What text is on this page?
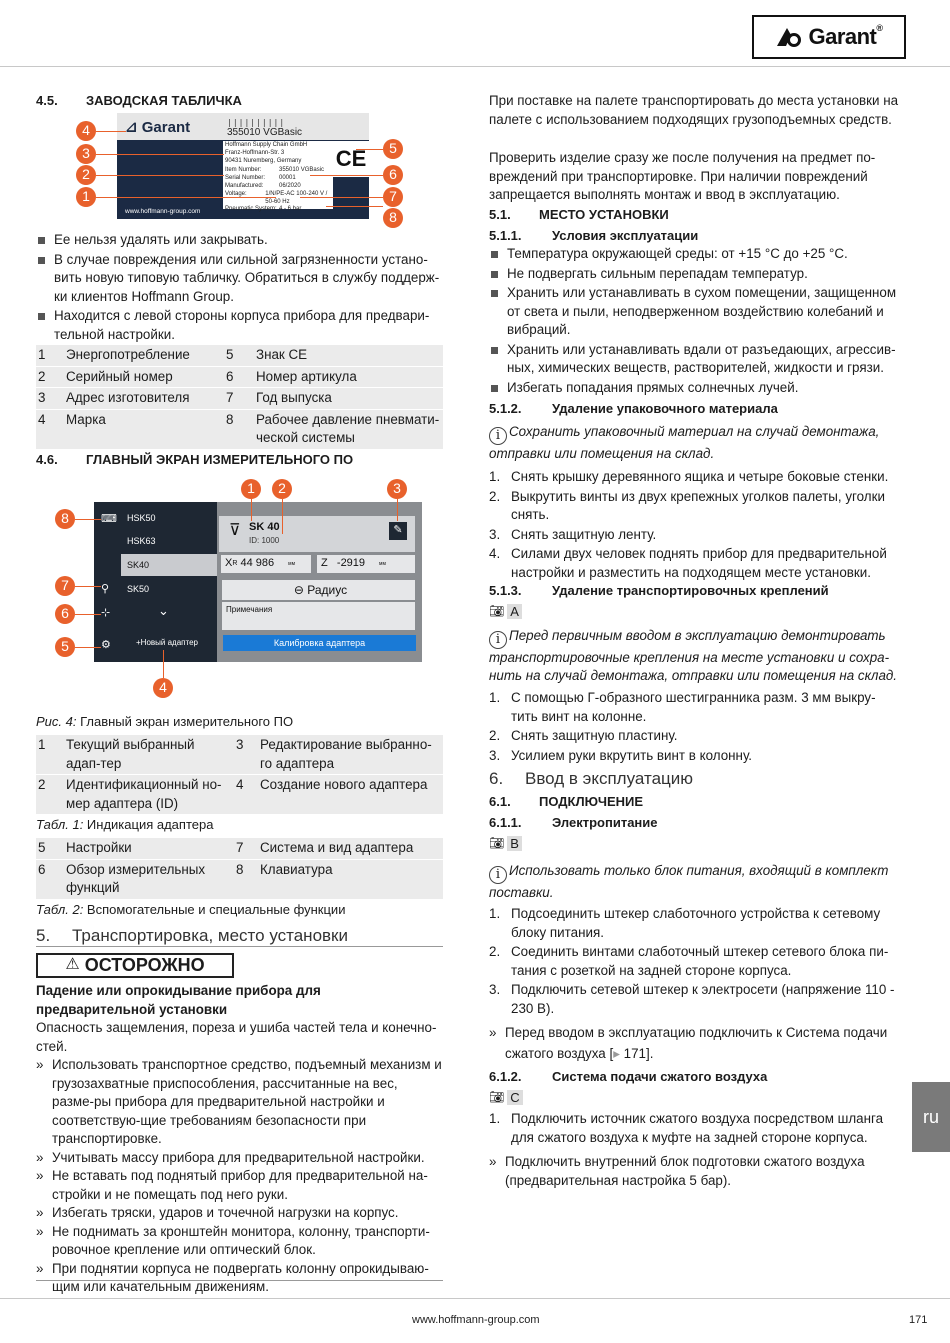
Garant®
4.5. ЗАВОДСКАЯ ТАБЛИЧКА
⊿ Garant	||||||||||
355010 VGBasic
Hoffmann Supply Chain GmbH
Franz-Hoffmann-Str. 3
90431 Nuremberg, Germany
Item Number:	355010 VGBasic
Serial Number:	00001
Manufactured:	06/2020
Voltage:	1/N/PE-AC 100-240 V / 50-60 Hz
Pneumatic System: 4 - 6 bar
CE
www.hoffmann-group.com
4
3
2
1
5
6
7
8
Ее нельзя удалять или закрывать.
В случае повреждения или сильной загрязненности устано-вить новую типовую табличку. Обратиться в службу поддерж-ки клиентов Hoffmann Group.
Находится с левой стороны корпуса прибора для предвари-тельной настройки.
1	Энергопотребление	5	Знак CE
2	Серийный номер	6	Номер артикула
3	Адрес изготовителя	7	Год выпуска
4	Марка	8	Рабочее давление пневмати-ческой системы
4.6. ГЛАВНЫЙ ЭКРАН ИЗМЕРИТЕЛЬНОГО ПО
⌨
⚲
⊹
⚙
HSK50
HSK63
SK40
SK50
⌄
+Новый адаптер
⊽ SK 40
ID: 1000
✎
X R
44 986	мм Z
-2919	мм
⊖ Радиус
Примечания
Калибровка адаптера
1	2	3
8
7
6
5
4
Рис. 4: Главный экран измерительного ПО
1	Текущий выбранный адап-тер	3	Редактирование выбранно-го адаптера
2	Идентификационный но-мер адаптера (ID)	4	Создание нового адаптера
Табл. 1: Индикация адаптера
5	Настройки	7	Система и вид адаптера
6	Обзор измерительных функций	8	Клавиатура
Табл. 2: Вспомогательные и специальные функции
5. Транспортировка, место установки
⚠ ОСТОРОЖНО
Падение или опрокидывание прибора для предварительной установки
Опасность защемления, пореза и ушиба частей тела и конечно-стей.
» Использовать транспортное средство, подъемный механизм и грузозахватные приспособления, рассчитанные на вес, разме-ры прибора для предварительной настройки и соответствую-щие требованиям безопасности при транспортировке.
» Учитывать массу прибора для предварительной настройки.
» Не вставать под поднятый прибор для предварительной на-стройки и не помещать под него руки.
» Избегать тряски, ударов и точечной нагрузки на корпус.
» Не поднимать за кронштейн монитора, колонну, транспорти-ровочное крепление или оптический блок.
» При поднятии корпуса не подвергать колонну опрокидываю-щим или качательным движениям.
При поставке на палете транспортировать до места установки на палете с использованием подходящих грузоподъемных средств.
Проверить изделие сразу же после получения на предмет по-вреждений при транспортировке. При наличии повреждений запрещается выполнять монтаж и ввод в эксплуатацию.
5.1. МЕСТО УСТАНОВКИ
5.1.1. Условия эксплуатации
Температура окружающей среды: от +15 °C до +25 °C.
Не подвергать сильным перепадам температур.
Хранить или устанавливать в сухом помещении, защищенном от света и пыли, неподверженном воздействию колебаний и вибраций.
Хранить или устанавливать вдали от разъедающих, агрессив-ных, химических веществ, растворителей, жидкости и грязи.
Избегать попадания прямых солнечных лучей.
5.1.2. Удаление упаковочного материала
i Сохранить упаковочный материал на случай демонтажа, отправки или помещения на склад.
1. Снять крышку деревянного ящика и четыре боковые стенки.
2. Выкрутить винты из двух крепежных уголков палеты, уголки снять.
3. Снять защитную ленту.
4. Силами двух человек поднять прибор для предварительной настройки и разместить на подходящем месте установки.
5.1.3. Удаление транспортировочных креплений
📷︎ A
i Перед первичным вводом в эксплуатацию демонтировать транспортировочные крепления на месте установки и сохра-нить на случай демонтажа, отправки или помещения на склад.
1. С помощью Г-образного шестигранника разм. 3 мм выкру-тить винт на колонне.
2. Снять защитную пластину.
3. Усилием руки вкрутить винт в колонну.
6. Ввод в эксплуатацию
6.1. ПОДКЛЮЧЕНИЕ
6.1.1. Электропитание
📷︎ B
i Использовать только блок питания, входящий в комплект поставки.
1. Подсоединить штекер слаботочного устройства к сетевому блоку питания.
2. Соединить винтами слаботочный штекер сетевого блока пи-тания с розеткой на задней стороне корпуса.
3. Подключить сетевой штекер к электросети (напряжение 110 - 230 В).
» Перед вводом в эксплуатацию подключить к Система подачи сжатого воздуха [▸ 171].
6.1.2. Система подачи сжатого воздуха
📷︎ C
1. Подключить источник сжатого воздуха посредством шланга для сжатого воздуха к муфте на задней стороне корпуса.
» Подключить внутренний блок подготовки сжатого воздуха (предварительная настройка 5 бар).
ru
www.hoffmann-group.com	171
